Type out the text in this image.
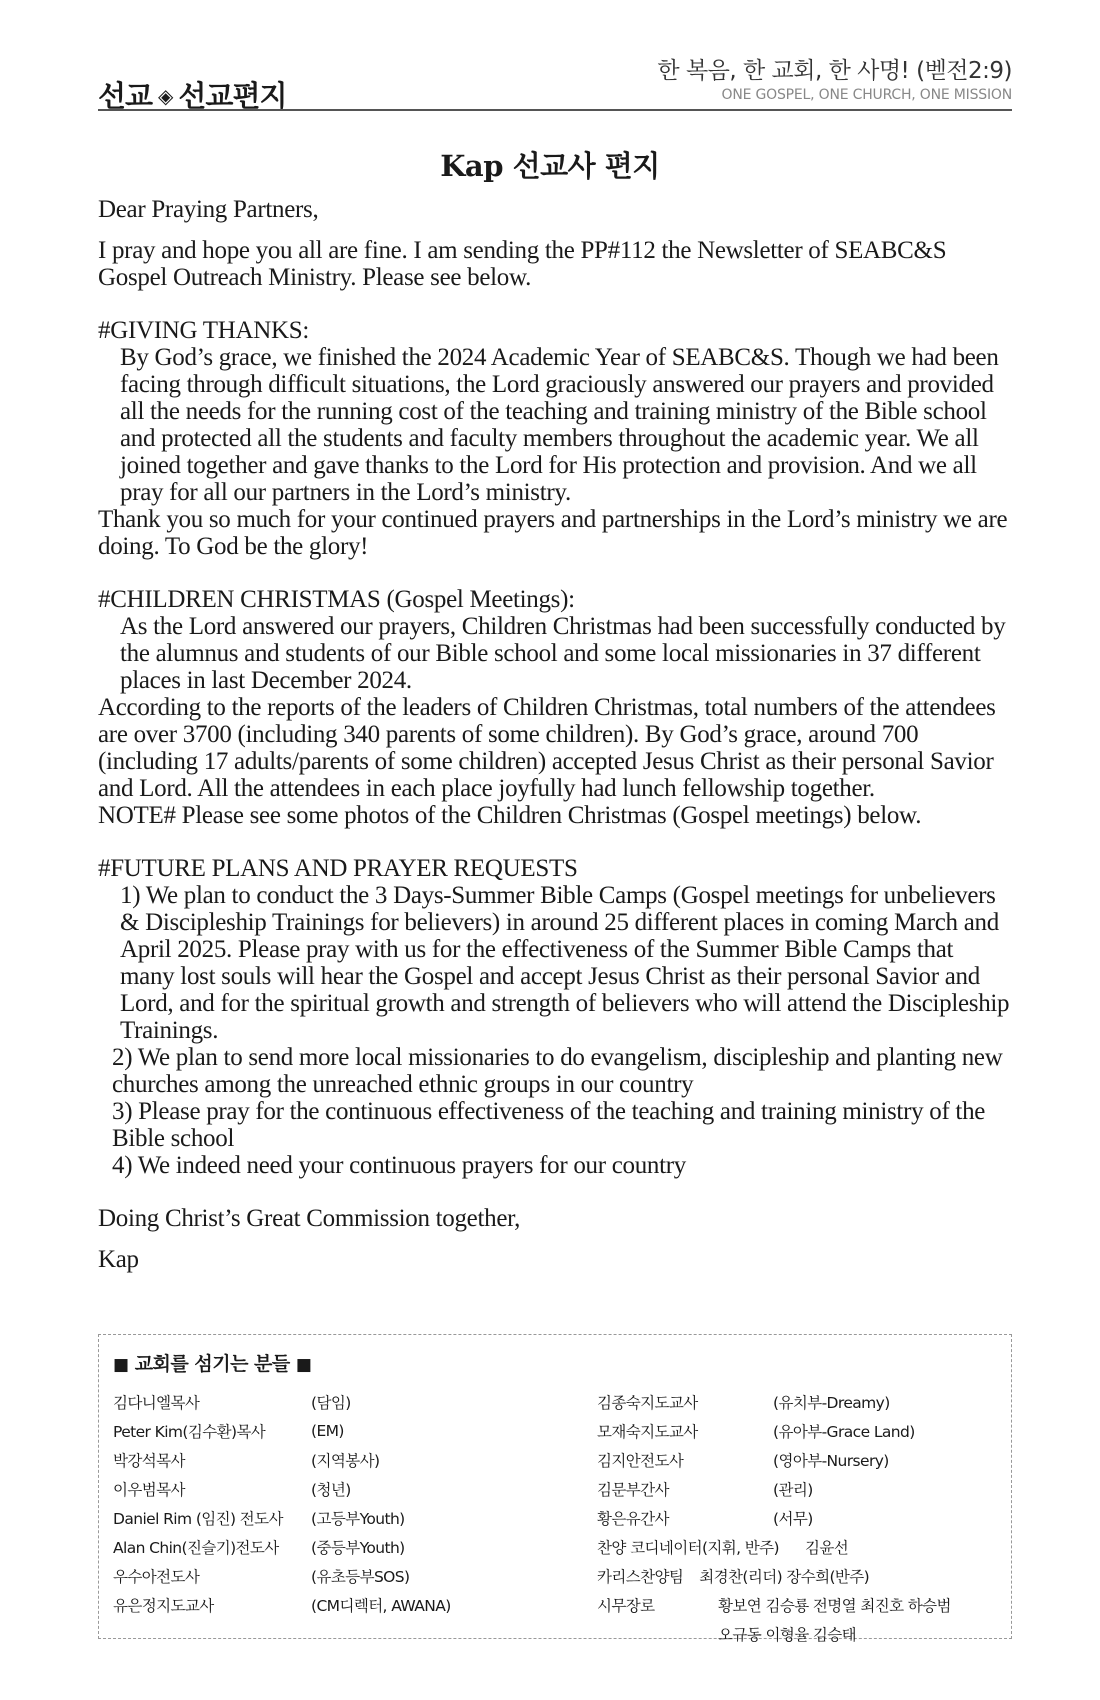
선교 ◈ 선교편지
한 복음, 한 교회, 한 사명! (벧전2:9)
ONE GOSPEL, ONE CHURCH, ONE MISSION
Kap 선교사 편지

Dear Praying Partners,

I pray and hope you all are fine. I am sending the PP#112 the Newsletter of SEABC&S Gospel Outreach Ministry. Please see below.

#GIVING THANKS:

By God’s grace, we finished the 2024 Academic Year of SEABC&S. Though we had been facing through difficult situations, the Lord graciously answered our prayers and provided all the needs for the running cost of the teaching and training ministry of the Bible school and protected all the students and faculty members throughout the academic year. We all joined together and gave thanks to the Lord for His protection and provision. And we all pray for all our partners in the Lord’s ministry.

Thank you so much for your continued prayers and partnerships in the Lord’s ministry we are doing. To God be the glory!

#CHILDREN CHRISTMAS (Gospel Meetings):

As the Lord answered our prayers, Children Christmas had been successfully conducted by the alumnus and students of our Bible school and some local missionaries in 37 different places in last December 2024.

According to the reports of the leaders of Children Christmas, total numbers of the attendees are over 3700 (including 340 parents of some children). By God’s grace, around 700 (including 17 adults/parents of some children) accepted Jesus Christ as their personal Savior and Lord. All the attendees in each place joyfully had lunch fellowship together.

NOTE# Please see some photos of the Children Christmas (Gospel meetings) below.

#FUTURE PLANS AND PRAYER REQUESTS

1) We plan to conduct the 3 Days-Summer Bible Camps (Gospel meetings for unbelievers & Discipleship Trainings for believers) in around 25 different places in coming March and April 2025. Please pray with us for the effectiveness of the Summer Bible Camps that many lost souls will hear the Gospel and accept Jesus Christ as their personal Savior and Lord, and for the spiritual growth and strength of believers who will attend the Discipleship Trainings.

2) We plan to send more local missionaries to do evangelism, discipleship and planting new churches among the unreached ethnic groups in our country

3) Please pray for the continuous effectiveness of the teaching and training ministry of the Bible school

4) We indeed need your continuous prayers for our country

Doing Christ’s Great Commission together,

Kap

■ 교회를 섬기는 분들 ■
김다니엘목사	(담임)
Peter Kim(김수환)목사	(EM)
박강석목사	(지역봉사)
이우범목사	(청년)
Daniel Rim (임진) 전도사	(고등부Youth)
Alan Chin(진슬기)전도사	(중등부Youth)
우수아전도사	(유초등부SOS)
유은정지도교사	(CM디렉터, AWANA)
김종숙지도교사	(유치부-Dreamy)
모재숙지도교사	(유아부-Grace Land)
김지안전도사	(영아부-Nursery)
김문부간사	(관리)
황은유간사	(서무)
찬양 코디네이터(지휘, 반주) 김윤선
카리스찬양팀 최경찬(리더) 장수희(반주)
시무장로	황보연 김승룡 전명열 최진호 하승범
오규동 이형율 김승태
